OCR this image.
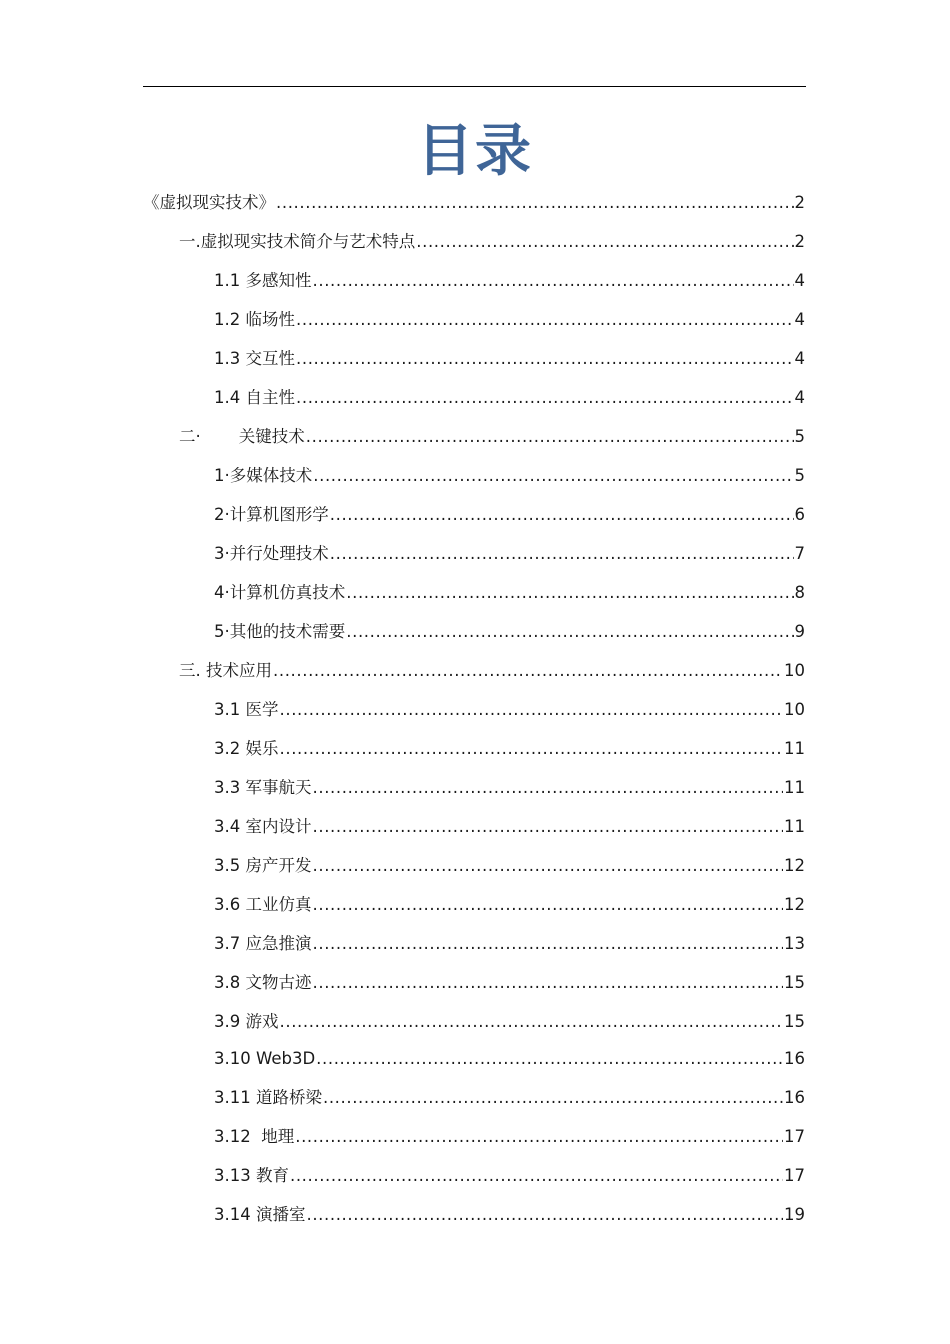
目录
《虚拟现实技术》 .....	2
一.虚拟现实技术简介与艺术特点 .....	2
1.1 多感知性 .....	4
1.2 临场性 .....	4
1.3 交互性 .....	4
1.4 自主性 .....	4
二· 关键技术 .....	5
1·多媒体技术 .....	5
2·计算机图形学 .....	6
3·并行处理技术 .....	7
4·计算机仿真技术 .....	8
5·其他的技术需要 .....	9
三. 技术应用 .....	10
3.1 医学 .....	10
3.2 娱乐 .....	11
3.3 军事航天 .....	11
3.4 室内设计 .....	11
3.5 房产开发 .....	12
3.6 工业仿真 .....	12
3.7 应急推演 .....	13
3.8 文物古迹 .....	15
3.9 游戏 .....	15
3.10 Web3D .....	16
3.11 道路桥梁 .....	16
3.12  地理 .....	17
3.13 教育 .....	17
3.14 演播室 .....	19
